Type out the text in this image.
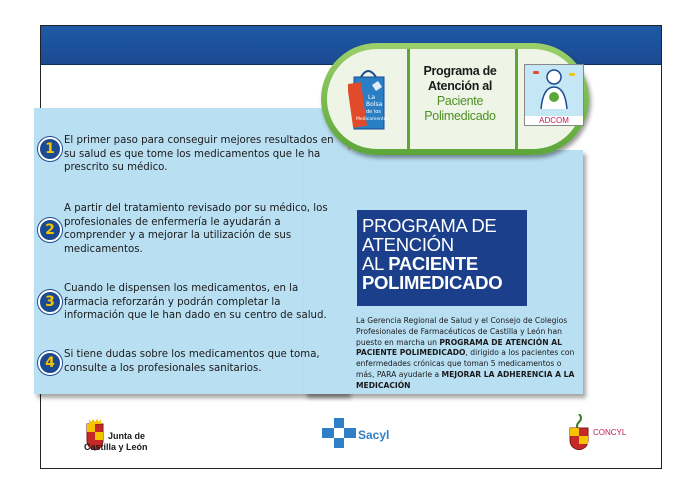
1
El primer paso para conseguir mejores resultados en su salud es que tome los medicamentos que le ha prescrito su médico.
2
A partir del tratamiento revisado por su médico, los profesionales de enfermería le ayudarán a comprender y a mejorar la utilización de sus medicamentos.
3
Cuando le dispensen los medicamentos, en la farmacia reforzarán y podrán completar la información que le han dado en su centro de salud.
4
Si tiene dudas sobre los medicamentos que toma, consulte a los profesionales sanitarios.
Programa de
Atención al
Paciente
Polimedicado
La
Bolsa
de los
Medicamentos	ADCOM
PROGRAMA DE
ATENCIÓN
AL PACIENTE
POLIMEDICADO
La Gerencia Regional de Salud y el Consejo de Colegios Profesionales de Farmacéuticos de Castilla y León han puesto en marcha un PROGRAMA DE ATENCIÓN AL PACIENTE POLIMEDICADO, dirigido a los pacientes con enfermedades crónicas que toman 5 medicamentos o más, PARA ayudarle a MEJORAR LA ADHERENCIA A LA MEDICACIÓN
Junta de
Castilla y León
Sacyl	CONCYL
